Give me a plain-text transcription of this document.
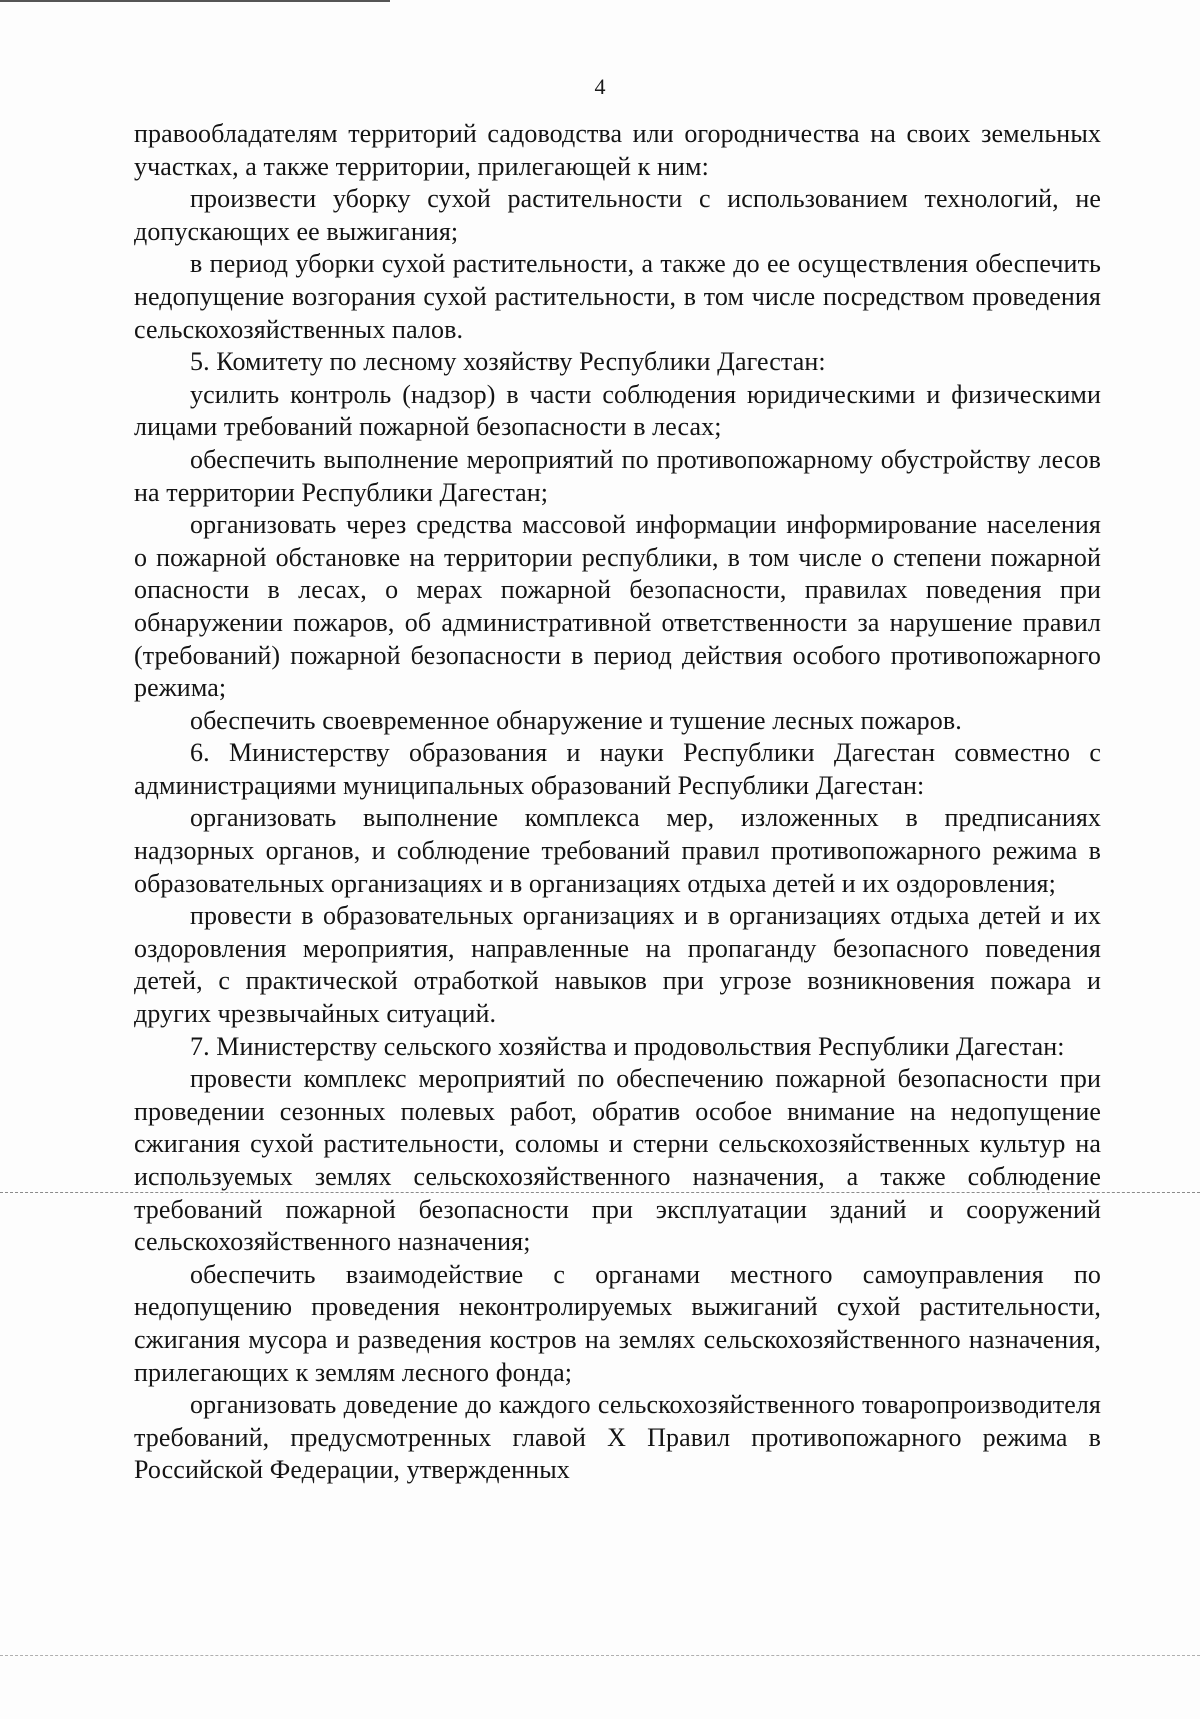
4

правообладателям территорий садоводства или огородничества на своих земельных участках, а также территории, прилегающей к ним:

произвести уборку сухой растительности с использованием технологий, не допускающих ее выжигания;

в период уборки сухой растительности, а также до ее осуществления обеспечить недопущение возгорания сухой растительности, в том числе посредством проведения сельскохозяйственных палов.

5. Комитету по лесному хозяйству Республики Дагестан:

усилить контроль (надзор) в части соблюдения юридическими и физическими лицами требований пожарной безопасности в лесах;

обеспечить выполнение мероприятий по противопожарному обустройству лесов на территории Республики Дагестан;

организовать через средства массовой информации информирование населения о пожарной обстановке на территории республики, в том числе о степени пожарной опасности в лесах, о мерах пожарной безопасности, правилах поведения при обнаружении пожаров, об административной ответственности за нарушение правил (требований) пожарной безопасности в период действия особого противопожарного режима;

обеспечить своевременное обнаружение и тушение лесных пожаров.

6. Министерству образования и науки Республики Дагестан совместно с администрациями муниципальных образований Республики Дагестан:

организовать выполнение комплекса мер, изложенных в предписаниях надзорных органов, и соблюдение требований правил противопожарного режима в образовательных организациях и в организациях отдыха детей и их оздоровления;

провести в образовательных организациях и в организациях отдыха детей и их оздоровления мероприятия, направленные на пропаганду безопасного поведения детей, с практической отработкой навыков при угрозе возникновения пожара и других чрезвычайных ситуаций.

7. Министерству сельского хозяйства и продовольствия Республики Дагестан:

провести комплекс мероприятий по обеспечению пожарной безопасности при проведении сезонных полевых работ, обратив особое внимание на недопущение сжигания сухой растительности, соломы и стерни сельскохозяйственных культур на используемых землях сельскохозяйственного назначения, а также соблюдение требований пожарной безопасности при эксплуатации зданий и сооружений сельскохозяйственного назначения;

обеспечить взаимодействие с органами местного самоуправления по недопущению проведения неконтролируемых выжиганий сухой растительности, сжигания мусора и разведения костров на землях сельскохозяйственного назначения, прилегающих к землям лесного фонда;

организовать доведение до каждого сельскохозяйственного товаропроизводителя требований, предусмотренных главой X Правил противопожарного режима в Российской Федерации, утвержденных
